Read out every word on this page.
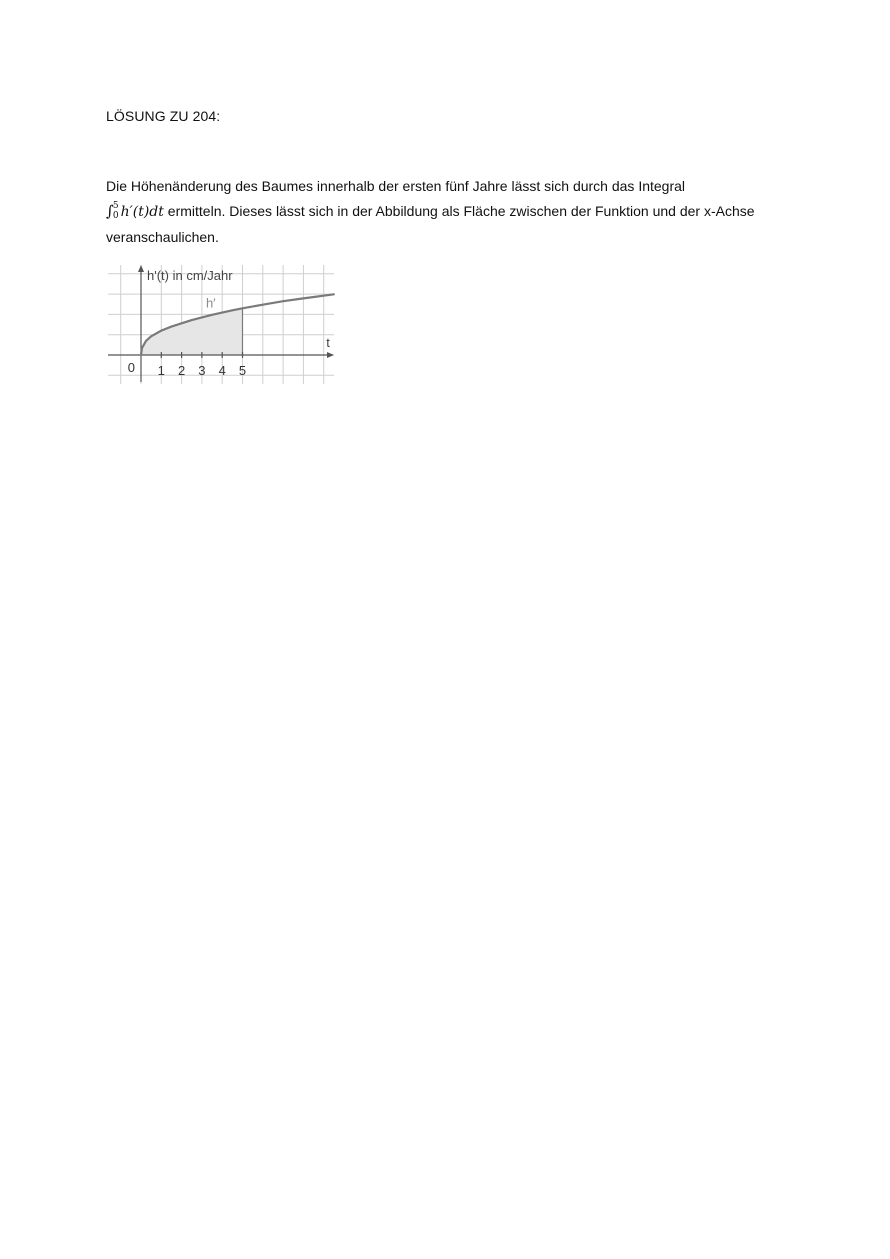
LÖSUNG ZU 204:
Die Höhenänderung des Baumes innerhalb der ersten fünf Jahre lässt sich durch das Integral
∫ 5
0 h′(t)dt ermitteln. Dieses lässt sich in der Abbildung als Fläche zwischen der Funktion und der x-Achse veranschaulichen.
1 2 3 4 5
0
h'(t) in cm/Jahr
t
h′
